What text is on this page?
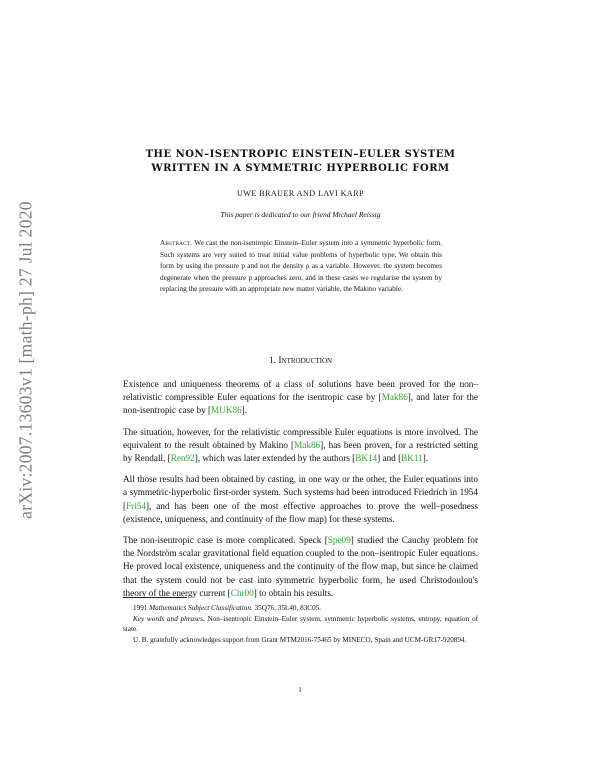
arXiv:2007.13603v1 [math-ph] 27 Jul 2020
THE NON–ISENTROPIC EINSTEIN–EULER SYSTEM
WRITTEN IN A SYMMETRIC HYPERBOLIC FORM
UWE BRAUER AND LAVI KARP
This paper is dedicated to our friend Michael Reissig
Abstract. We cast the non-isentropic Einstein–Euler system into a symmetric hyperbolic form. Such systems are very suited to treat initial value problems of hyperbolic type. We obtain this form by using the pressure p and not the density ρ as a variable. However, the system becomes degenerate when the pressure p approaches zero, and in these cases we regularise the system by replacing the pressure with an appropriate new matter variable, the Makino variable.
1. Introduction

Existence and uniqueness theorems of a class of solutions have been proved for the non–relativistic compressible Euler equations for the isentropic case by [Mak86], and later for the non-isentropic case by [MUK86].

The situation, however, for the relativistic compressible Euler equations is more involved. The equivalent to the result obtained by Makino [Mak86], has been proven, for a restricted setting by Rendall, [Ren92], which was later extended by the authors [BK14] and [BK11].

All those results had been obtained by casting, in one way or the other, the Euler equations into a symmetric-hyperbolic first-order system. Such systems had been introduced Friedrich in 1954 [Fri54], and has been one of the most effective approaches to prove the well–posedness (existence, uniqueness, and continuity of the flow map) for these systems.

The non-isentropic case is more complicated. Speck [Spe09] studied the Cauchy problem for the Nordström scalar gravitational field equation coupled to the non–isentropic Euler equations. He proved local existence, uniqueness and the continuity of the flow map, but since he claimed that the system could not be cast into symmetric hyperbolic form, he used Christodoulou's theory of the energy current [Chr00] to obtain his results.

1991 Mathematics Subject Classification. 35Q76, 35L40, 83C05.

Key words and phrases. Non–isentropic Einstein–Euler system, symmetric hyperbolic systems, entropy, equation of state.

U. B. gratefully acknowledges support from Grant MTM2016-75465 by MINECO, Spain and UCM-GR17-920894.

1
